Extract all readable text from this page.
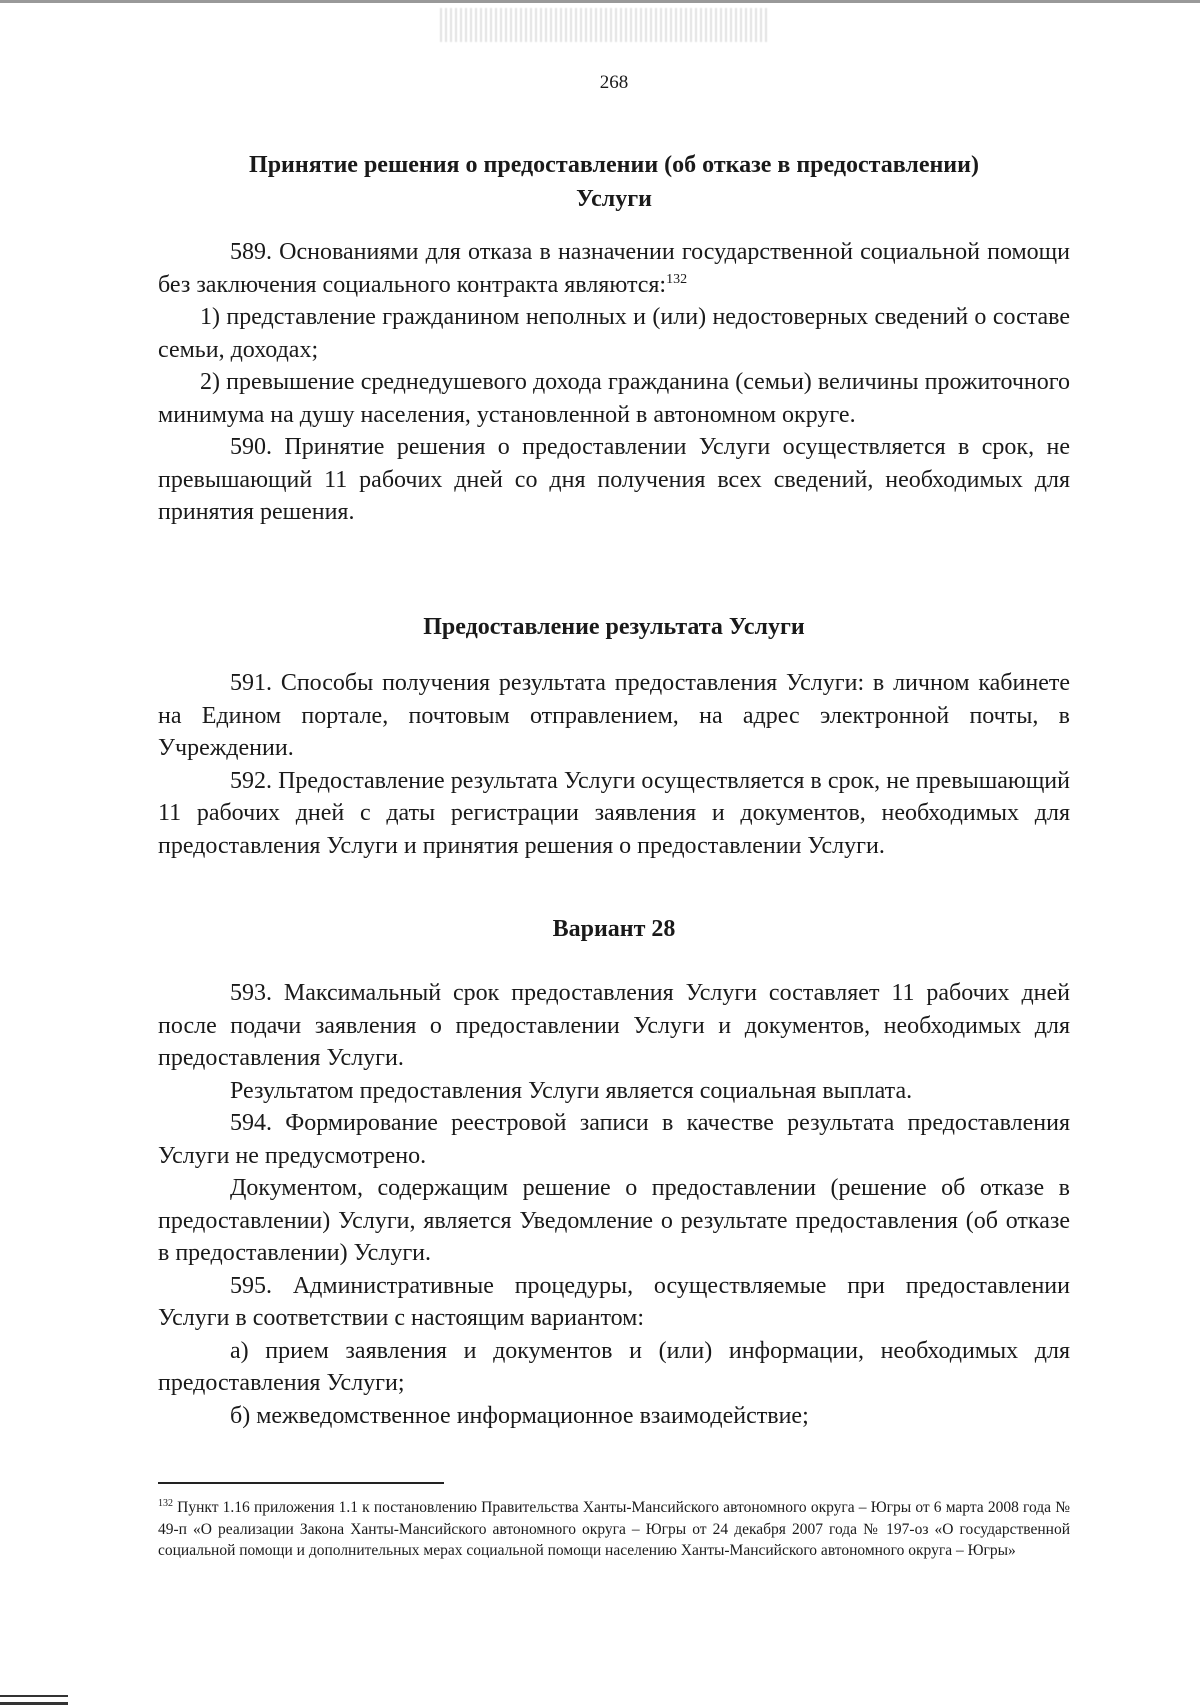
268
Принятие решения о предоставлении (об отказе в предоставлении)
Услуги

589. Основаниями для отказа в назначении государственной социальной помощи без заключения социального контракта являются:$^{132}$

1) представление гражданином неполных и (или) недостоверных сведений о составе семьи, доходах;

2) превышение среднедушевого дохода гражданина (семьи) величины прожиточного минимума на душу населения, установленной в автономном округе.

590. Принятие решения о предоставлении Услуги осуществляется в срок, не превышающий 11 рабочих дней со дня получения всех сведений, необходимых для принятия решения.

Предоставление результата Услуги

591. Способы получения результата предоставления Услуги: в личном кабинете на Едином портале, почтовым отправлением, на адрес электронной почты, в Учреждении.

592. Предоставление результата Услуги осуществляется в срок, не превышающий 11 рабочих дней с даты регистрации заявления и документов, необходимых для предоставления Услуги и принятия решения о предоставлении Услуги.

Вариант 28

593. Максимальный срок предоставления Услуги составляет 11 рабочих дней после подачи заявления о предоставлении Услуги и документов, необходимых для предоставления Услуги.

Результатом предоставления Услуги является социальная выплата.

594. Формирование реестровой записи в качестве результата предоставления Услуги не предусмотрено.

Документом, содержащим решение о предоставлении (решение об отказе в предоставлении) Услуги, является Уведомление о результате предоставления (об отказе в предоставлении) Услуги.

595. Административные процедуры, осуществляемые при предоставлении Услуги в соответствии с настоящим вариантом:

а) прием заявления и документов и (или) информации, необходимых для предоставления Услуги;

б) межведомственное информационное взаимодействие;

$^{132}$ Пункт 1.16 приложения 1.1 к постановлению Правительства Ханты-Мансийского автономного округа – Югры от 6 марта 2008 года № 49-п «О реализации Закона Ханты-Мансийского автономного округа – Югры от 24 декабря 2007 года № 197-оз «О государственной социальной помощи и дополнительных мерах социальной помощи населению Ханты-Мансийского автономного округа – Югры»
